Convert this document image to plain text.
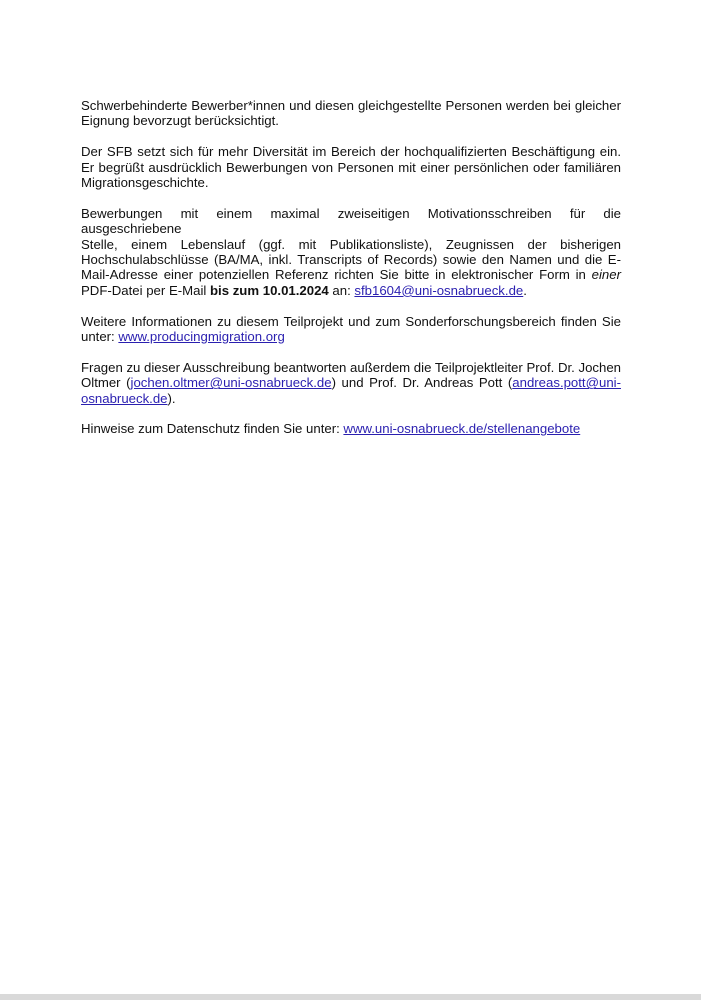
Schwerbehinderte Bewerber*innen und diesen gleichgestellte Personen werden bei gleicher
Eignung bevorzugt berücksichtigt.

Der SFB setzt sich für mehr Diversität im Bereich der hochqualifizierten Beschäftigung ein.
Er begrüßt ausdrücklich Bewerbungen von Personen mit einer persönlichen oder familiären
Migrationsgeschichte.

Bewerbungen mit einem maximal zweiseitigen Motivationsschreiben für die ausgeschriebene
Stelle, einem Lebenslauf (ggf. mit Publikationsliste), Zeugnissen der bisherigen
Hochschulabschlüsse (BA/MA, inkl. Transcripts of Records) sowie den Namen und die E-
Mail-Adresse einer potenziellen Referenz richten Sie bitte in elektronischer Form in einer
PDF-Datei per E-Mail bis zum 10.01.2024 an: sfb1604@uni-osnabrueck.de.

Weitere Informationen zu diesem Teilprojekt und zum Sonderforschungsbereich finden Sie
unter: www.producingmigration.org

Fragen zu dieser Ausschreibung beantworten außerdem die Teilprojektleiter Prof. Dr. Jochen
Oltmer (jochen.oltmer@uni-osnabrueck.de) und Prof. Dr. Andreas Pott (andreas.pott@uni-
osnabrueck.de).

Hinweise zum Datenschutz finden Sie unter: www.uni-osnabrueck.de/stellenangebote
